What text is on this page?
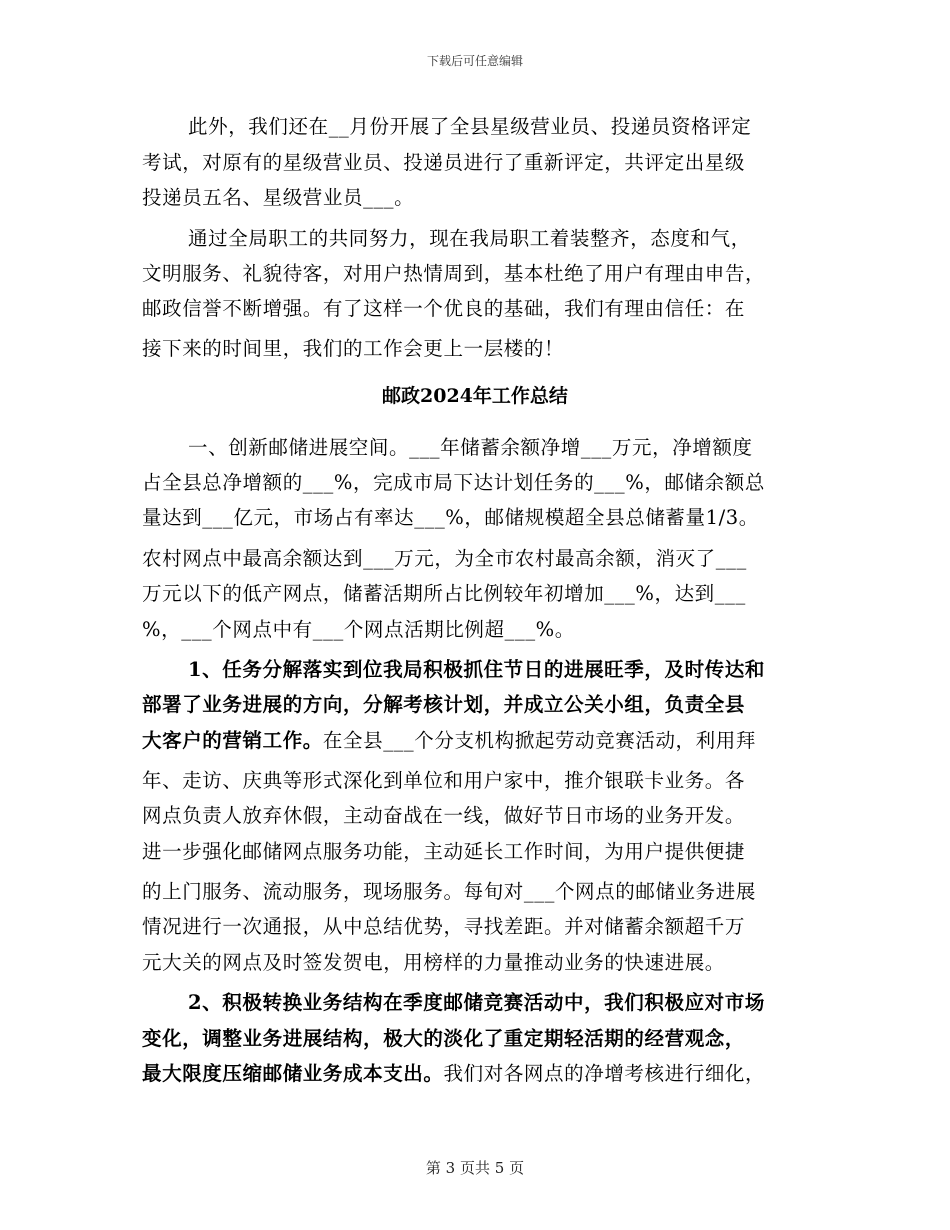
下载后可任意编辑
此外，我们还在__月份开展了全县星级营业员、投递员资格评定
考试，对原有的星级营业员、投递员进行了重新评定，共评定出星级
投递员五名、星级营业员___。
通过全局职工的共同努力，现在我局职工着装整齐，态度和气，
文明服务、礼貌待客，对用户热情周到，基本杜绝了用户有理由申告，
邮政信誉不断增强。有了这样一个优良的基础，我们有理由信任：在
接下来的时间里，我们的工作会更上一层楼的！
邮政2024年工作总结
一、创新邮储进展空间。___年储蓄余额净增___万元，净增额度
占全县总净增额的___%，完成市局下达计划任务的___%，邮储余额总
量达到___亿元，市场占有率达___%，邮储规模超全县总储蓄量1/3。
农村网点中最高余额达到___万元，为全市农村最高余额，消灭了___
万元以下的低产网点，储蓄活期所占比例较年初增加___%，达到___
%，___个网点中有___个网点活期比例超___%。
1、任务分解落实到位我局积极抓住节日的进展旺季，及时传达和
部署了业务进展的方向，分解考核计划，并成立公关小组，负责全县
大客户的营销工作。在全县___个分支机构掀起劳动竞赛活动，利用拜
年、走访、庆典等形式深化到单位和用户家中，推介银联卡业务。各
网点负责人放弃休假，主动奋战在一线，做好节日市场的业务开发。
进一步强化邮储网点服务功能，主动延长工作时间，为用户提供便捷
的上门服务、流动服务，现场服务。每旬对___个网点的邮储业务进展
情况进行一次通报，从中总结优势，寻找差距。并对储蓄余额超千万
元大关的网点及时签发贺电，用榜样的力量推动业务的快速进展。
2、积极转换业务结构在季度邮储竞赛活动中，我们积极应对市场
变化，调整业务进展结构，极大的淡化了重定期轻活期的经营观念，
最大限度压缩邮储业务成本支出。我们对各网点的净增考核进行细化，
第 3 页共 5 页
